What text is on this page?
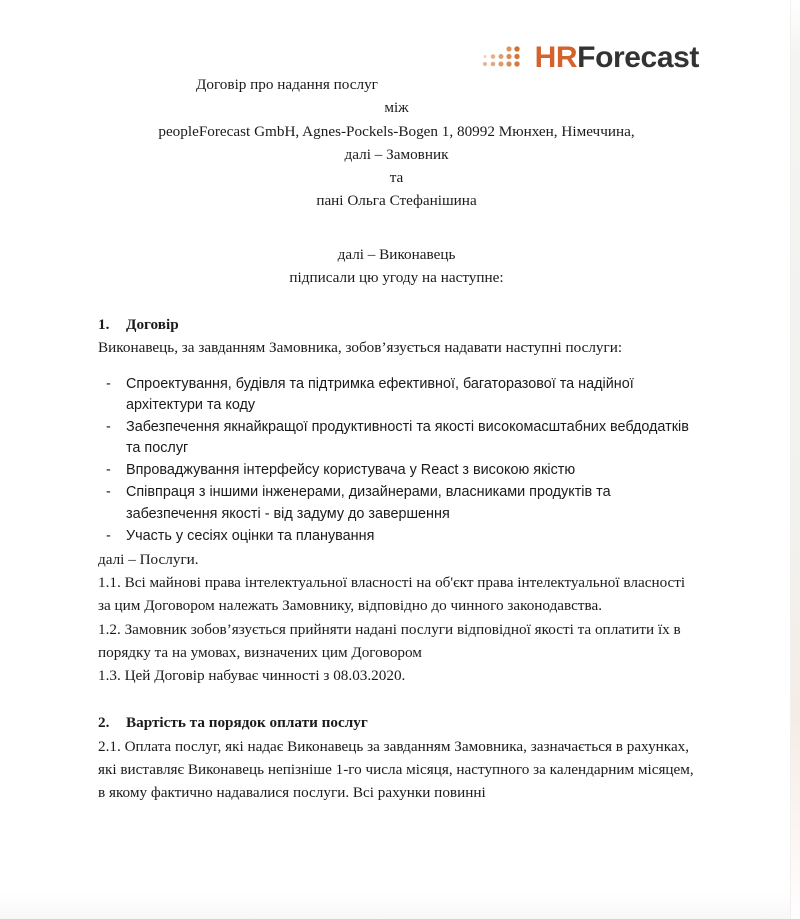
HRForecast

Договір про надання послуг

між

peopleForecast GmbH, Agnes-Pockels-Bogen 1, 80992 Мюнхен, Німеччина,

далі – Замовник

та

пані Ольга Стефанішина

далі – Виконавець

підписали цю угоду на наступне:

1.	Договір

Виконавець, за завданням Замовника, зобов’язується надавати наступні послуги:

-	Спроектування, будівля та підтримка ефективної, багаторазової та надійної архітектури та коду
-	Забезпечення якнайкращої продуктивності та якості високомасштабних вебдодатків та послуг
-	Впроваджування інтерфейсу користувача у React з високою якістю
-	Співпраця з іншими інженерами, дизайнерами, власниками продуктів та забезпечення якості - від задуму до завершення
-	Участь у сесіях оцінки та планування

далі – Послуги.

1.1. Всі майнові права інтелектуальної власності на об'єкт права інтелектуальної власності за цим Договором належать Замовнику, відповідно до чинного законодавства.

1.2. Замовник зобов’язується прийняти надані послуги відповідної якості та оплатити їх в порядку та на умовах, визначених цим Договором

1.3. Цей Договір набуває чинності з 08.03.2020.

2.	Вартість та порядок оплати послуг

2.1. Оплата послуг, які надає Виконавець за завданням Замовника, зазначається в рахунках, які виставляє Виконавець непізніше 1-го числа місяця, наступного за календарним місяцем, в якому фактично надавалися послуги. Всі рахунки повинні
